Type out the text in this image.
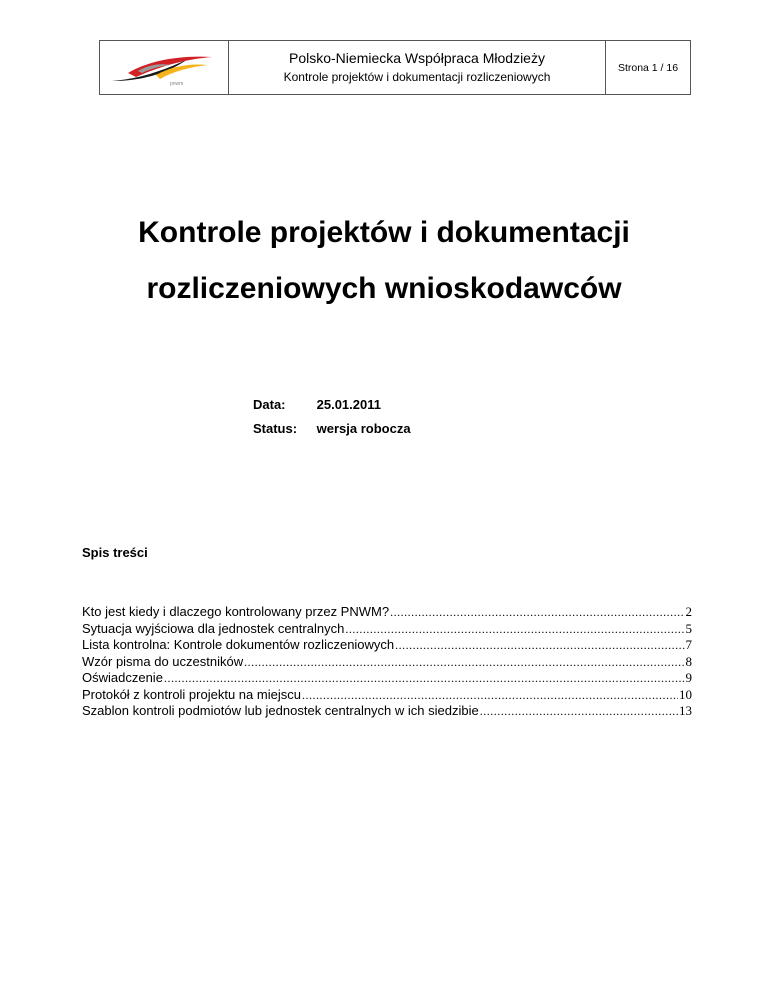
pnwm
Polsko-Niemiecka Współpraca Młodzieży
Kontrole projektów i dokumentacji rozliczeniowych
Strona 1 / 16
Kontrole projektów i dokumentacji
rozliczeniowych wnioskodawców
Data: 25.01.2011
Status: wersja robocza
Spis treści
Kto jest kiedy i dlaczego kontrolowany przez PNWM? .....	2
Sytuacja wyjściowa dla jednostek centralnych .....	5
Lista kontrolna: Kontrole dokumentów rozliczeniowych .....	7
Wzór pisma do uczestników .....	8
Oświadczenie .....	9
Protokół z kontroli projektu na miejscu .....	10
Szablon kontroli podmiotów lub jednostek centralnych w ich siedzibie .....	13
